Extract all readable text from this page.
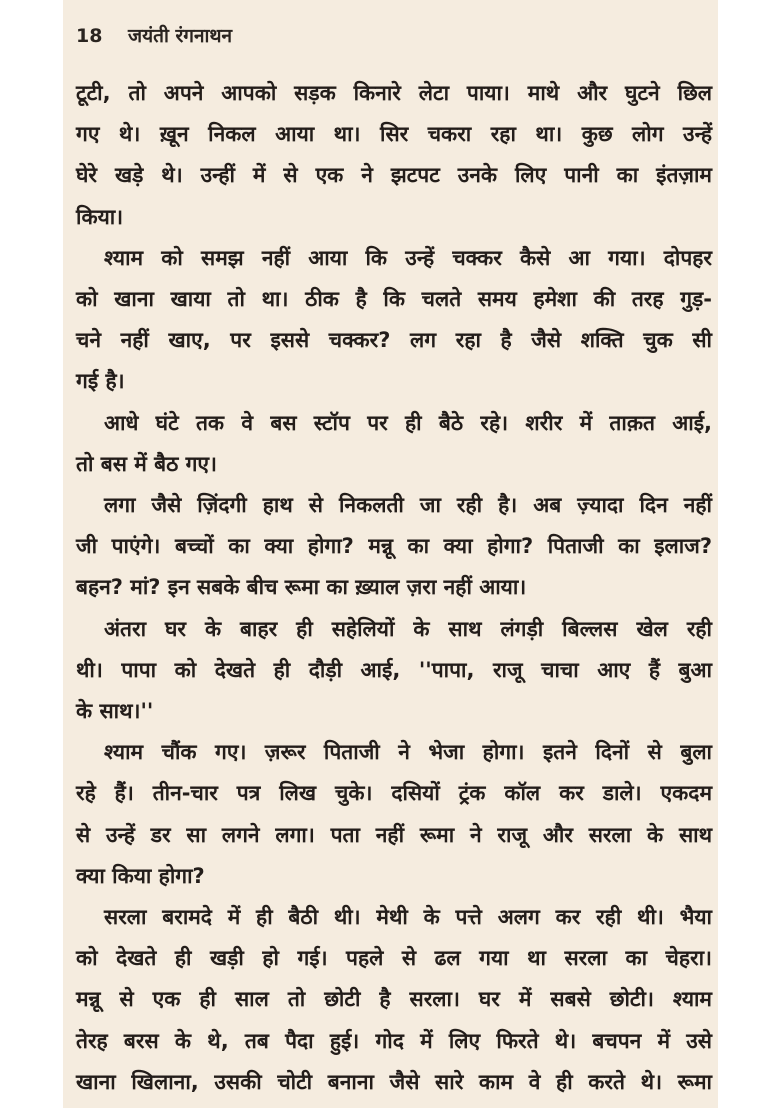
18 जयंती रंगनाथन
टूटी, तो अपने आपको सड़क किनारे लेटा पाया। माथे और घुटने छिल
गए थे। ख़ून निकल आया था। सिर चकरा रहा था। कुछ लोग उन्हें
घेरे खड़े थे। उन्हीं में से एक ने झटपट उनके लिए पानी का इंतज़ाम
किया।
श्याम को समझ नहीं आया कि उन्हें चक्कर कैसे आ गया। दोपहर
को खाना खाया तो था। ठीक है कि चलते समय हमेशा की तरह गुड़-
चने नहीं खाए, पर इससे चक्कर? लग रहा है जैसे शक्ति चुक सी
गई है।
आधे घंटे तक वे बस स्टॉप पर ही बैठे रहे। शरीर में ताक़त आई,
तो बस में बैठ गए।
लगा जैसे ज़िंदगी हाथ से निकलती जा रही है। अब ज़्यादा दिन नहीं
जी पाएंगे। बच्चों का क्या होगा? मन्नू का क्या होगा? पिताजी का इलाज?
बहन? मां? इन सबके बीच रूमा का ख़्याल ज़रा नहीं आया।
अंतरा घर के बाहर ही सहेलियों के साथ लंगड़ी बिल्लस खेल रही
थी। पापा को देखते ही दौड़ी आई, ''पापा, राजू चाचा आए हैं बुआ
के साथ।''
श्याम चौंक गए। ज़रूर पिताजी ने भेजा होगा। इतने दिनों से बुला
रहे हैं। तीन-चार पत्र लिख चुके। दसियों ट्रंक कॉल कर डाले। एकदम
से उन्हें डर सा लगने लगा। पता नहीं रूमा ने राजू और सरला के साथ
क्या किया होगा?
सरला बरामदे में ही बैठी थी। मेथी के पत्ते अलग कर रही थी। भैया
को देखते ही खड़ी हो गई। पहले से ढल गया था सरला का चेहरा।
मन्नू से एक ही साल तो छोटी है सरला। घर में सबसे छोटी। श्याम
तेरह बरस के थे, तब पैदा हुई। गोद में लिए फिरते थे। बचपन में उसे
खाना खिलाना, उसकी चोटी बनाना जैसे सारे काम वे ही करते थे। रूमा
